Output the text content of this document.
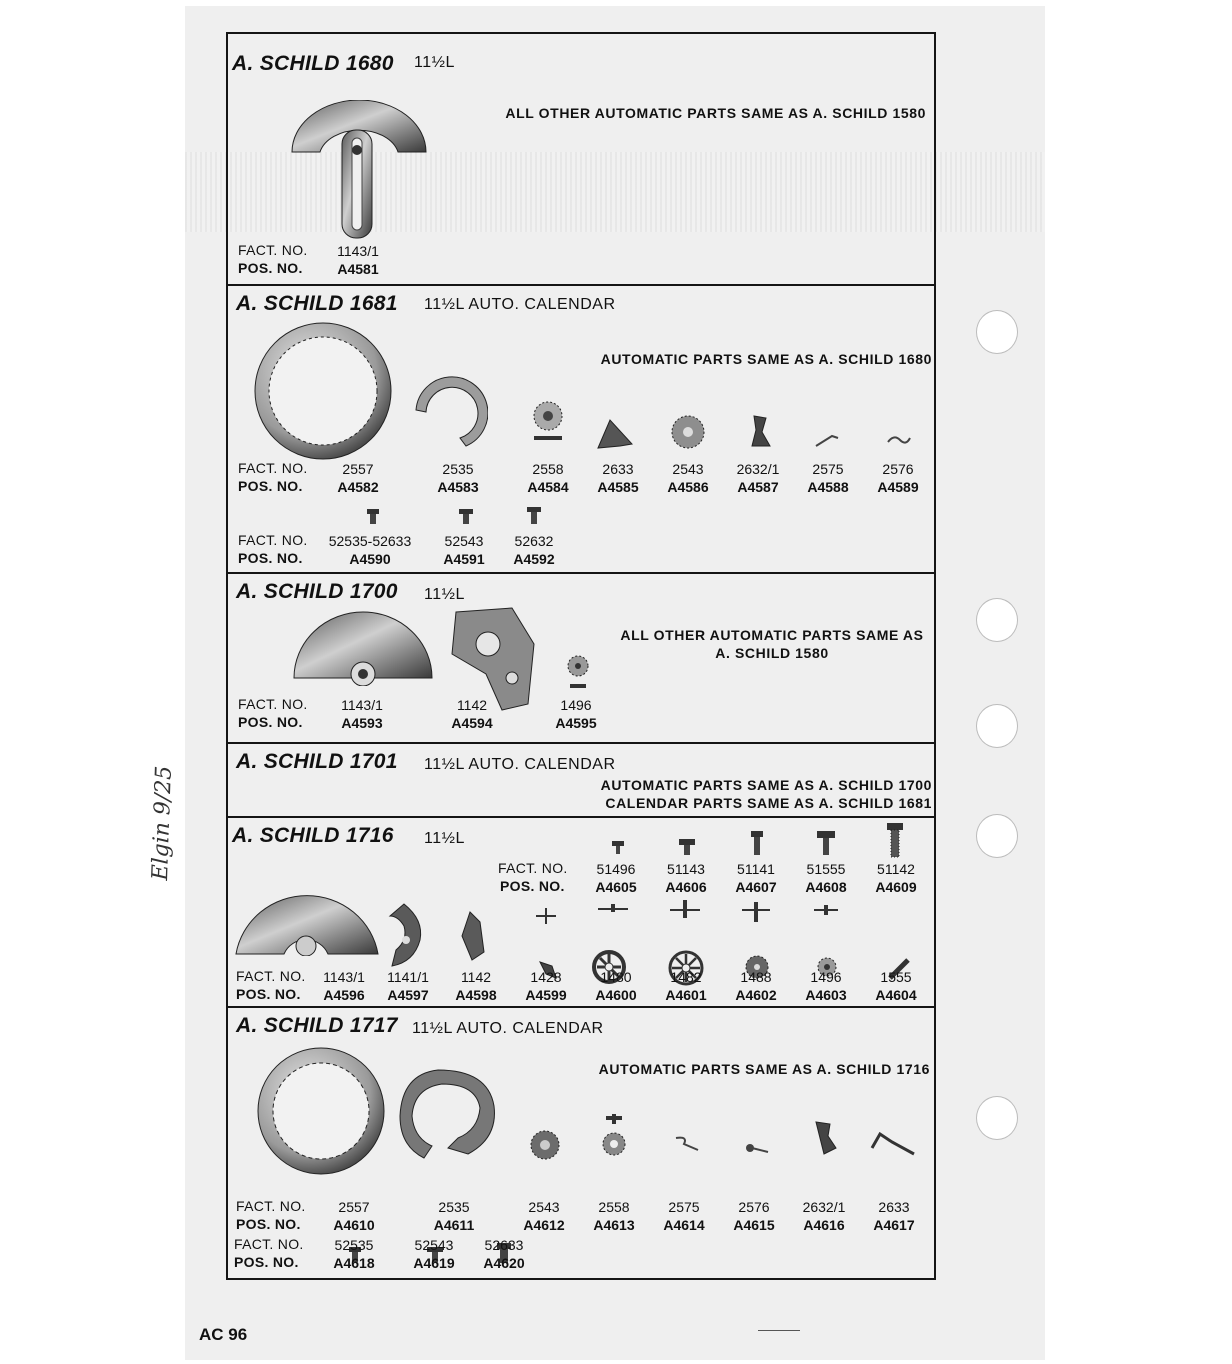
Elgin 9/25
A. SCHILD 1680 11½L
ALL OTHER AUTOMATIC PARTS SAME AS A. SCHILD 1580
FACT. NO.
POS. NO.
1143/1
A4581
A. SCHILD 1681 11½L AUTO. CALENDAR
AUTOMATIC PARTS SAME AS A. SCHILD 1680
FACT. NO.
POS. NO.
2557
A4582
2535
A4583
2558
A4584
2633
A4585
2543
A4586
2632/1
A4587
2575
A4588
2576
A4589
FACT. NO.
POS. NO.
52535-52633
A4590
52543
A4591
52632
A4592
A. SCHILD 1700 11½L
ALL OTHER AUTOMATIC PARTS SAME AS
A. SCHILD 1580
FACT. NO.
POS. NO.
1143/1
A4593
1142
A4594
1496
A4595
A. SCHILD 1701 11½L AUTO. CALENDAR
AUTOMATIC PARTS SAME AS A. SCHILD 1700
CALENDAR PARTS SAME AS A. SCHILD 1681
A. SCHILD 1716 11½L
FACT. NO.
POS. NO.
51496
A4605
51143
A4606
51141
A4607
51555
A4608
51142
A4609
FACT. NO.
POS. NO.
1143/1
A4596
1141/1
A4597
1142
A4598
1428
A4599
1480
A4600
1482
A4601
1488
A4602
1496
A4603
1555
A4604
A. SCHILD 1717 11½L AUTO. CALENDAR
AUTOMATIC PARTS SAME AS A. SCHILD 1716
FACT. NO.
POS. NO.
2557
A4610
2535
A4611
2543
A4612
2558
A4613
2575
A4614
2576
A4615
2632/1
A4616
2633
A4617
FACT. NO.
POS. NO.
52535
A4618
52543
A4619
52633
A4620
AC 96
